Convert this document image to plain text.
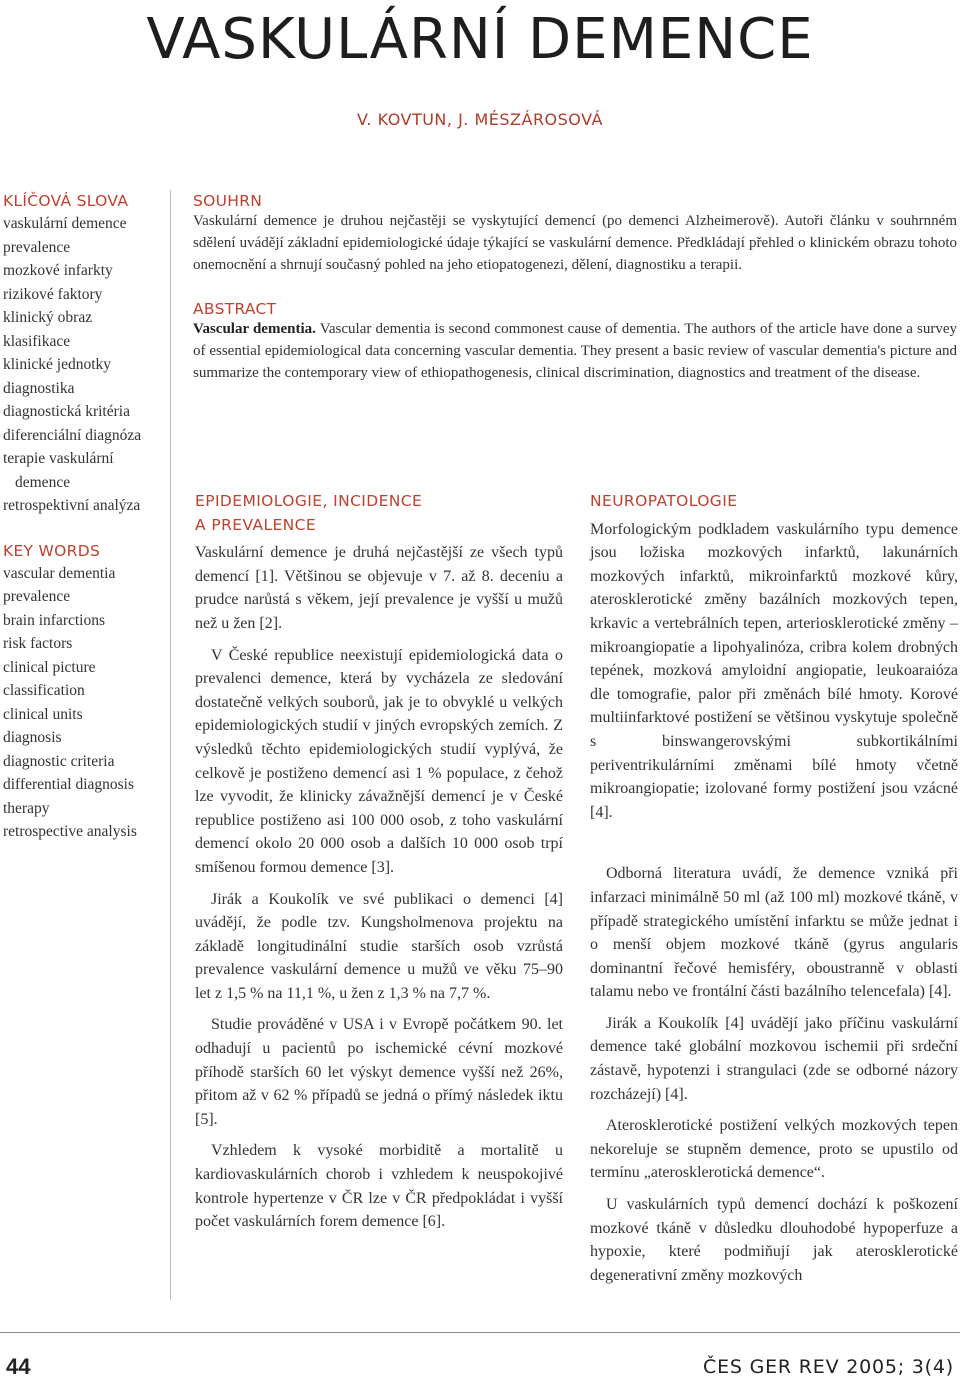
VASKULÁRNÍ DEMENCE
V. KOVTUN, J. MÉSZÁROSOVÁ
KLÍČOVÁ SLOVA
vaskulární demence
prevalence
mozkové infarkty
rizikové faktory
klinický obraz
klasifikace
klinické jednotky
diagnostika
diagnostická kritéria
diferenciální diagnóza
terapie vaskulární demence
retrospektivní analýza
KEY WORDS
vascular dementia
prevalence
brain infarctions
risk factors
clinical picture
classification
clinical units
diagnosis
diagnostic criteria
differential diagnosis
therapy
retrospective analysis
SOUHRN

Vaskulární demence je druhou nejčastěji se vyskytující demencí (po demenci Alzheimerově). Autoři článku v souhrnném sdělení uvádějí základní epidemiologické údaje týkající se vaskulární demence. Předkládají přehled o klinickém obrazu tohoto onemocnění a shrnují současný pohled na jeho etiopatogenezi, dělení, diagnostiku a terapii.

ABSTRACT

Vascular dementia. Vascular dementia is second commonest cause of dementia. The authors of the article have done a survey of essential epidemiological data concerning vascular dementia. They present a basic review of vascular dementia's picture and summarize the contemporary view of ethiopathogenesis, clinical discrimination, diagnostics and treatment of the disease.

EPIDEMIOLOGIE, INCIDENCE
A PREVALENCE

Vaskulární demence je druhá nejčastější ze všech typů demencí [1]. Většinou se objevuje v 7. až 8. deceniu a prudce narůstá s věkem, její prevalence je vyšší u mužů než u žen [2].

V České republice neexistují epidemiologická data o prevalenci demence, která by vycházela ze sledování dostatečně velkých souborů, jak je to obvyklé u velkých epidemiologických studií v jiných evropských zemích. Z výsledků těchto epidemiologických studií vyplývá, že celkově je postiženo demencí asi 1 % populace, z čehož lze vyvodit, že klinicky závažnější demencí je v České republice postiženo asi 100 000 osob, z toho vaskulární demencí okolo 20 000 osob a dalších 10 000 osob trpí smíšenou formou demence [3].

Jirák a Koukolík ve své publikaci o demenci [4] uvádějí, že podle tzv. Kungsholmenova projektu na základě longitudinální studie starších osob vzrůstá prevalence vaskulární demence u mužů ve věku 75–90 let z 1,5 % na 11,1 %, u žen z 1,3 % na 7,7 %.

Studie prováděné v USA i v Evropě počátkem 90. let odhadují u pacientů po ischemické cévní mozkové příhodě starších 60 let výskyt demence vyšší než 26%, přitom až v 62 % případů se jedná o přímý následek iktu [5].

Vzhledem k vysoké morbiditě a mortalitě u kardiovaskulárních chorob i vzhledem k neuspokojivé kontrole hypertenze v ČR lze v ČR předpokládat i vyšší počet vaskulárních forem demence [6].

NEUROPATOLOGIE

Morfologickým podkladem vaskulárního typu demence jsou ložiska mozkových infarktů, lakunárních mozkových infarktů, mikroinfarktů mozkové kůry, aterosklerotické změny bazálních mozkových tepen, krkavic a vertebrálních tepen, arteriosklerotické změny – mikroangiopatie a lipohyalinóza, cribra kolem drobných tepének, mozková amyloidní angiopatie, leukoaraióza dle tomografie, palor při změnách bílé hmoty. Korové multiinfarktové postižení se většinou vyskytuje společně s binswangerovskými subkortikálními periventrikulárními změnami bílé hmoty včetně mikroangiopatie; izolované formy postižení jsou vzácné [4].

Odborná literatura uvádí, že demence vzniká při infarzaci minimálně 50 ml (až 100 ml) mozkové tkáně, v případě strategického umístění infarktu se může jednat i o menší objem mozkové tkáně (gyrus angularis dominantní řečové hemisféry, oboustranně v oblasti talamu nebo ve frontální části bazálního telencefala) [4].

Jirák a Koukolík [4] uvádějí jako příčinu vaskulární demence také globální mozkovou ischemii při srdeční zástavě, hypotenzi i strangulaci (zde se odborné názory rozcházejí) [4].

Aterosklerotické postižení velkých mozkových tepen nekoreluje se stupněm demence, proto se upustilo od termínu „aterosklerotická demence“.

U vaskulárních typů demencí dochází k poškození mozkové tkáně v důsledku dlouhodobé hypoperfuze a hypoxie, které podmiňují jak aterosklerotické degenerativní změny mozkových

44	ČES GER REV 2005; 3(4)
